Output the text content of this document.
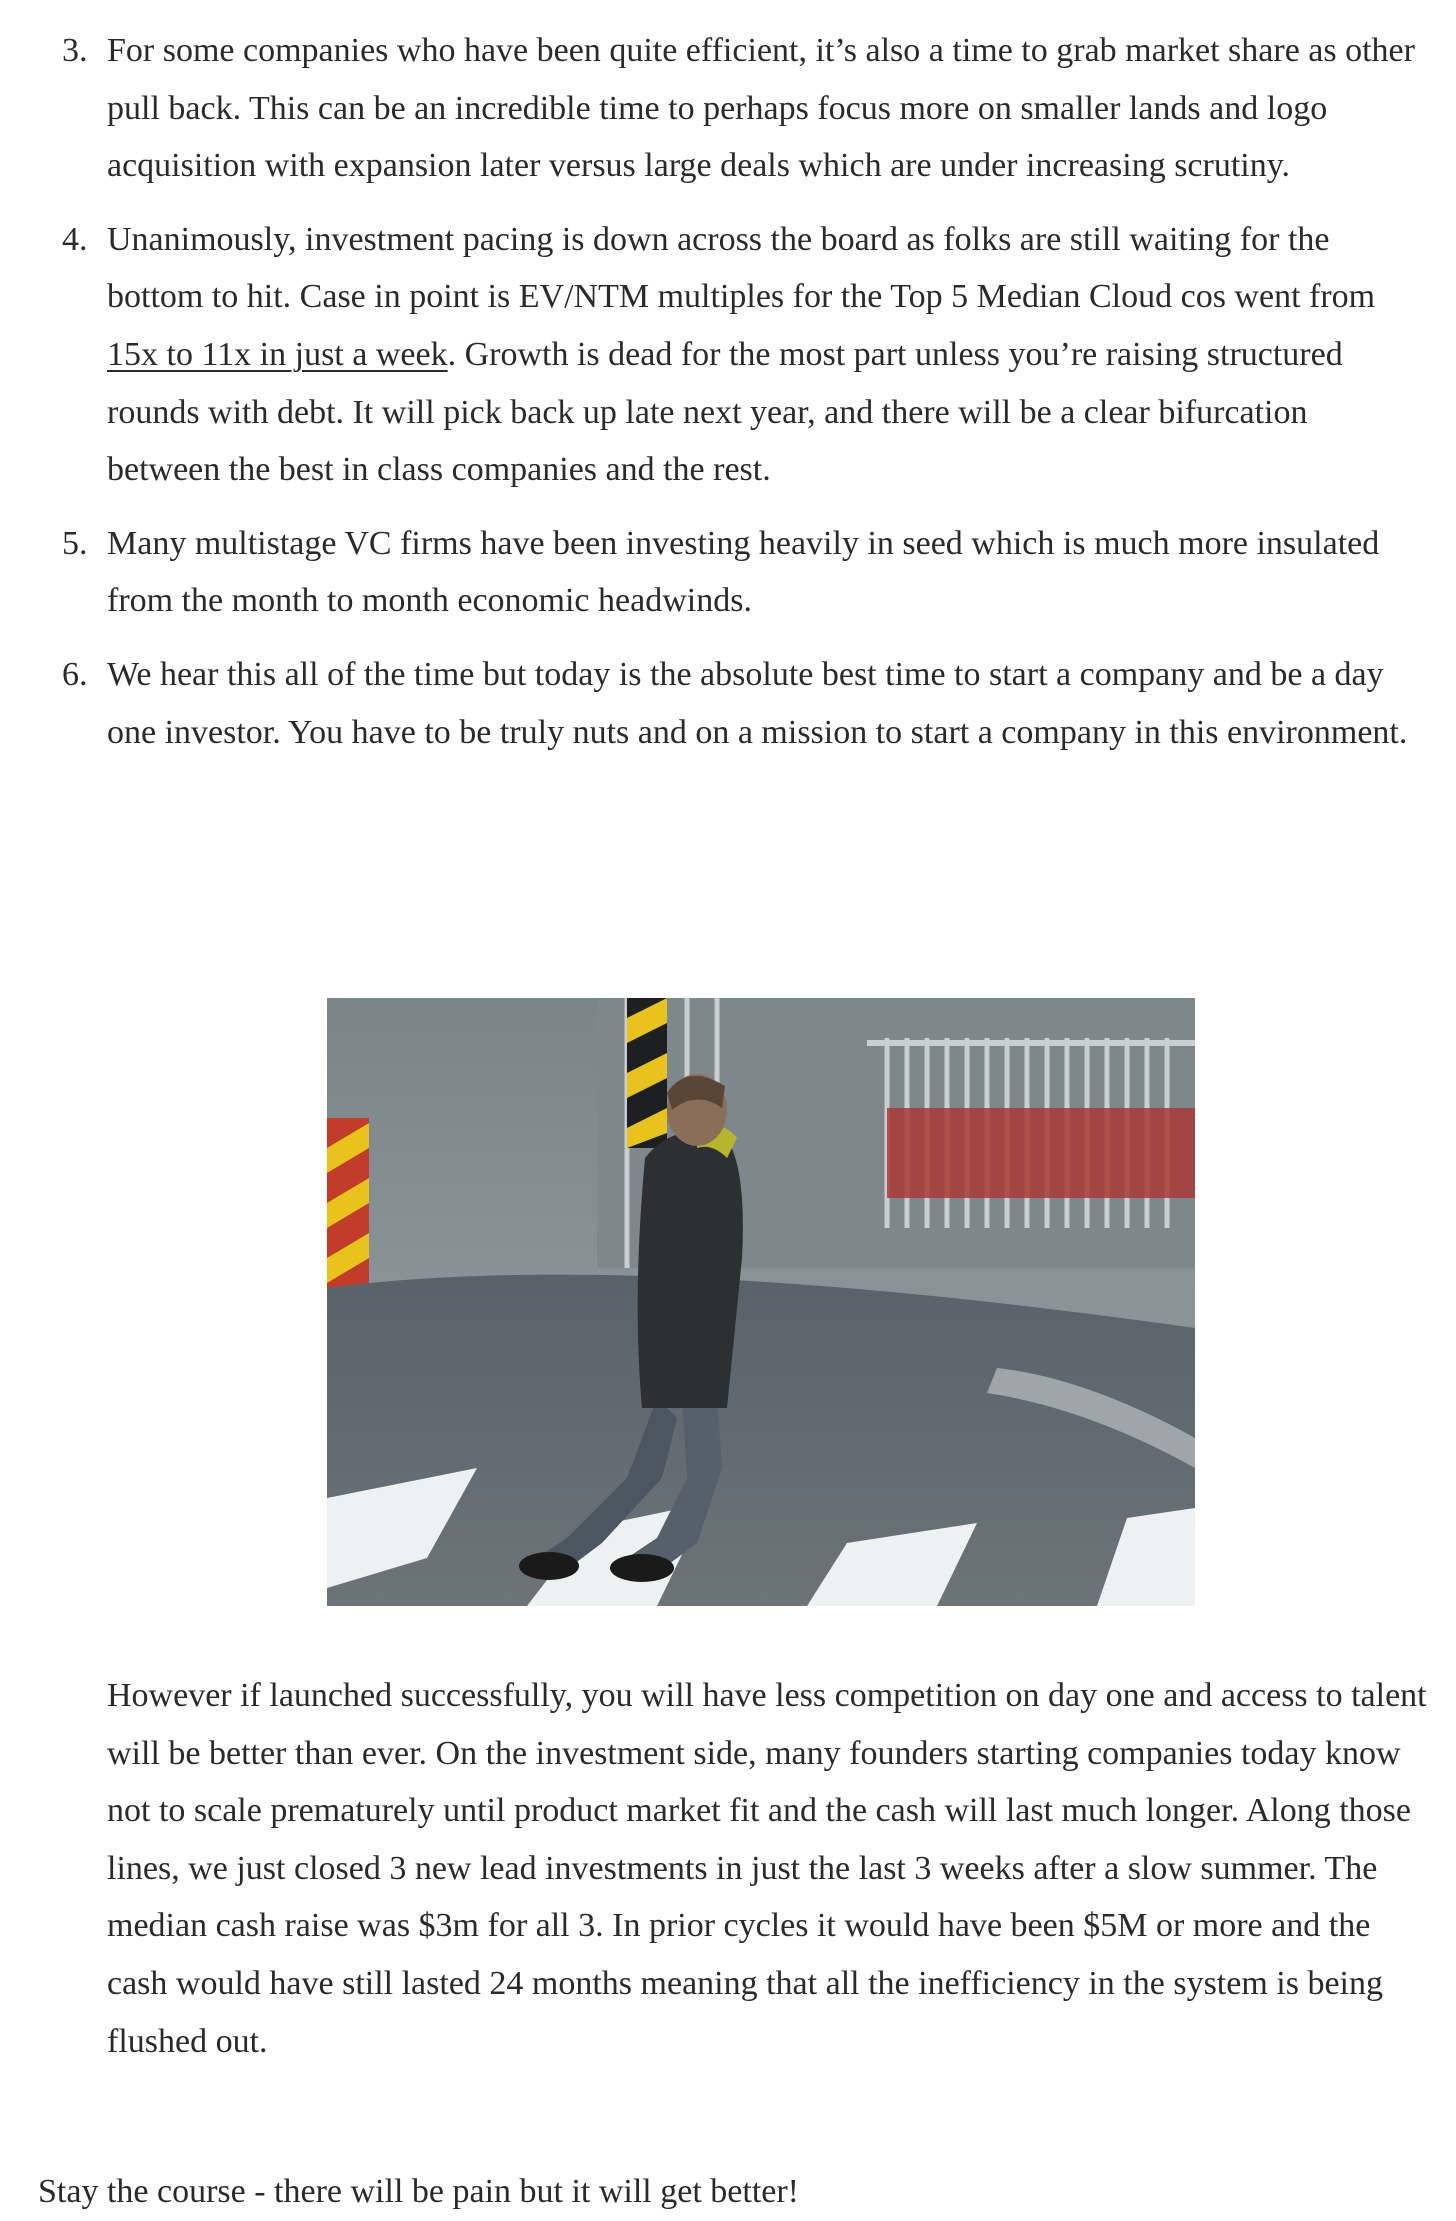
3. For some companies who have been quite efficient, it’s also a time to grab market share as other pull back. This can be an incredible time to perhaps focus more on smaller lands and logo acquisition with expansion later versus large deals which are under increasing scrutiny.
4. Unanimously, investment pacing is down across the board as folks are still waiting for the bottom to hit. Case in point is EV/NTM multiples for the Top 5 Median Cloud cos went from 15x to 11x in just a week. Growth is dead for the most part unless you’re raising structured rounds with debt. It will pick back up late next year, and there will be a clear bifurcation between the best in class companies and the rest.
5. Many multistage VC firms have been investing heavily in seed which is much more insulated from the month to month economic headwinds.
6. We hear this all of the time but today is the absolute best time to start a company and be a day one investor. You have to be truly nuts and on a mission to start a company in this environment.

However if launched successfully, you will have less competition on day one and access to talent will be better than ever. On the investment side, many founders starting companies today know not to scale prematurely until product market fit and the cash will last much longer. Along those lines, we just closed 3 new lead investments in just the last 3 weeks after a slow summer. The median cash raise was $3m for all 3. In prior cycles it would have been $5M or more and the cash would have still lasted 24 months meaning that all the inefficiency in the system is being flushed out.

Stay the course - there will be pain but it will get better!
